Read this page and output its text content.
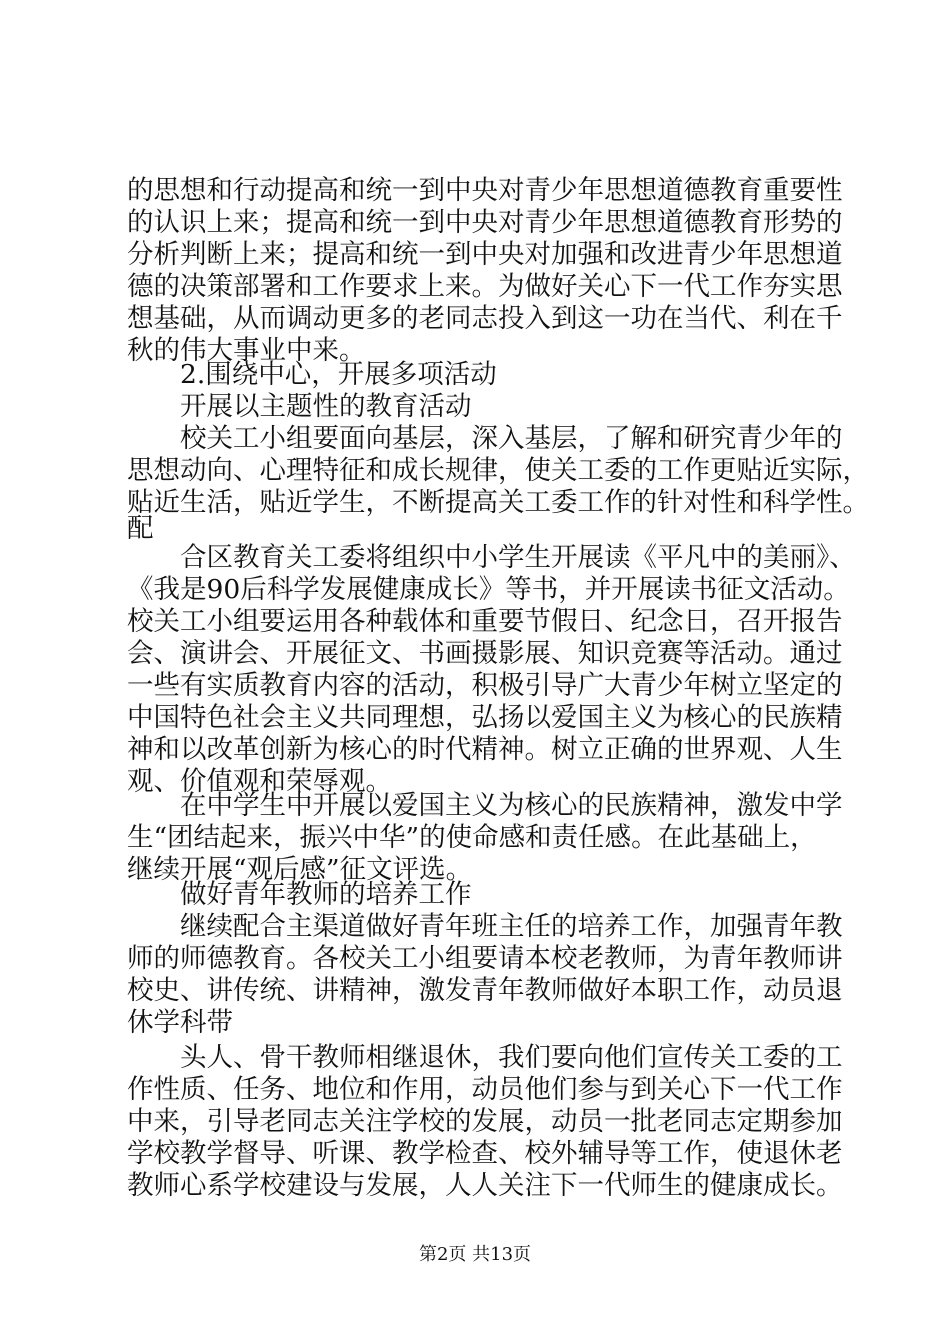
的思想和行动提高和统一到中央对青少年思想道德教育重要性
的认识上来；提高和统一到中央对青少年思想道德教育形势的
分析判断上来；提高和统一到中央对加强和改进青少年思想道
德的决策部署和工作要求上来。为做好关心下一代工作夯实思
想基础，从而调动更多的老同志投入到这一功在当代、利在千
秋的伟大事业中来。
2.围绕中心，开展多项活动
开展以主题性的教育活动
校关工小组要面向基层，深入基层，了解和研究青少年的
思想动向、心理特征和成长规律，使关工委的工作更贴近实际，
贴近生活，贴近学生，不断提高关工委工作的针对性和科学性。
配
合区教育关工委将组织中小学生开展读《平凡中的美丽》、
《我是90后科学发展健康成长》等书，并开展读书征文活动。
校关工小组要运用各种载体和重要节假日、纪念日，召开报告
会、演讲会、开展征文、书画摄影展、知识竞赛等活动。通过
一些有实质教育内容的活动，积极引导广大青少年树立坚定的
中国特色社会主义共同理想，弘扬以爱国主义为核心的民族精
神和以改革创新为核心的时代精神。树立正确的世界观、人生
观、价值观和荣辱观。
在中学生中开展以爱国主义为核心的民族精神，激发中学
生“团结起来，振兴中华”的使命感和责任感。在此基础上，
继续开展“观后感”征文评选。
做好青年教师的培养工作
继续配合主渠道做好青年班主任的培养工作，加强青年教
师的师德教育。各校关工小组要请本校老教师，为青年教师讲
校史、讲传统、讲精神，激发青年教师做好本职工作，动员退
休学科带
头人、骨干教师相继退休，我们要向他们宣传关工委的工
作性质、任务、地位和作用，动员他们参与到关心下一代工作
中来，引导老同志关注学校的发展，动员一批老同志定期参加
学校教学督导、听课、教学检查、校外辅导等工作，使退休老
教师心系学校建设与发展，人人关注下一代师生的健康成长。
第2页 共13页
